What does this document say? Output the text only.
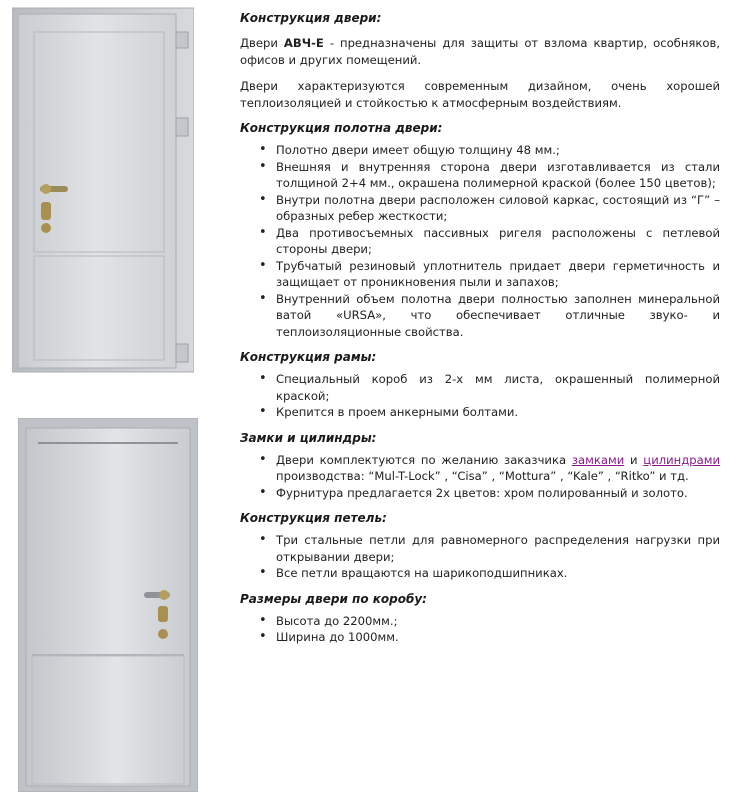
Конструкция двери:

Двери АВЧ-Е - предназначены для защиты от взлома квартир, особняков, офисов и других помещений.

Двери характеризуются современным дизайном, очень хорошей теплоизоляцией и стойкостью к атмосферным воздействиям.

Конструкция полотна двери:
• Полотно двери имеет общую толщину 48 мм.;
• Внешняя и внутренняя сторона двери изготавливается из стали толщиной 2+4 мм., окрашена полимерной краской (более 150 цветов);
• Внутри полотна двери расположен силовой каркас, состоящий из “Г” – образных ребер жесткости;
• Два противосъемных пассивных ригеля расположены с петлевой стороны двери;
• Трубчатый резиновый уплотнитель придает двери герметичность и защищает от проникновения пыли и запахов;
• Внутренний объем полотна двери полностью заполнен минеральной ватой «URSA», что обеспечивает отличные звуко- и теплоизоляционные свойства.
Конструкция рамы:
• Специальный короб из 2-х мм листа, окрашенный полимерной краской;
• Крепится в проем анкерными болтами.
Замки и цилиндры:
• Двери комплектуются по желанию заказчика замками и цилиндрами производства: “Mul-T-Lock” , “Cisa” , “Mottura” , “Kale” , “Ritko” и тд.
• Фурнитура предлагается 2х цветов: хром полированный и золото.
Конструкция петель:
• Три стальные петли для равномерного распределения нагрузки при открывании двери;
• Все петли вращаются на шарикоподшипниках.
Размеры двери по коробу:
• Высота до 2200мм.;
• Ширина до 1000мм.
